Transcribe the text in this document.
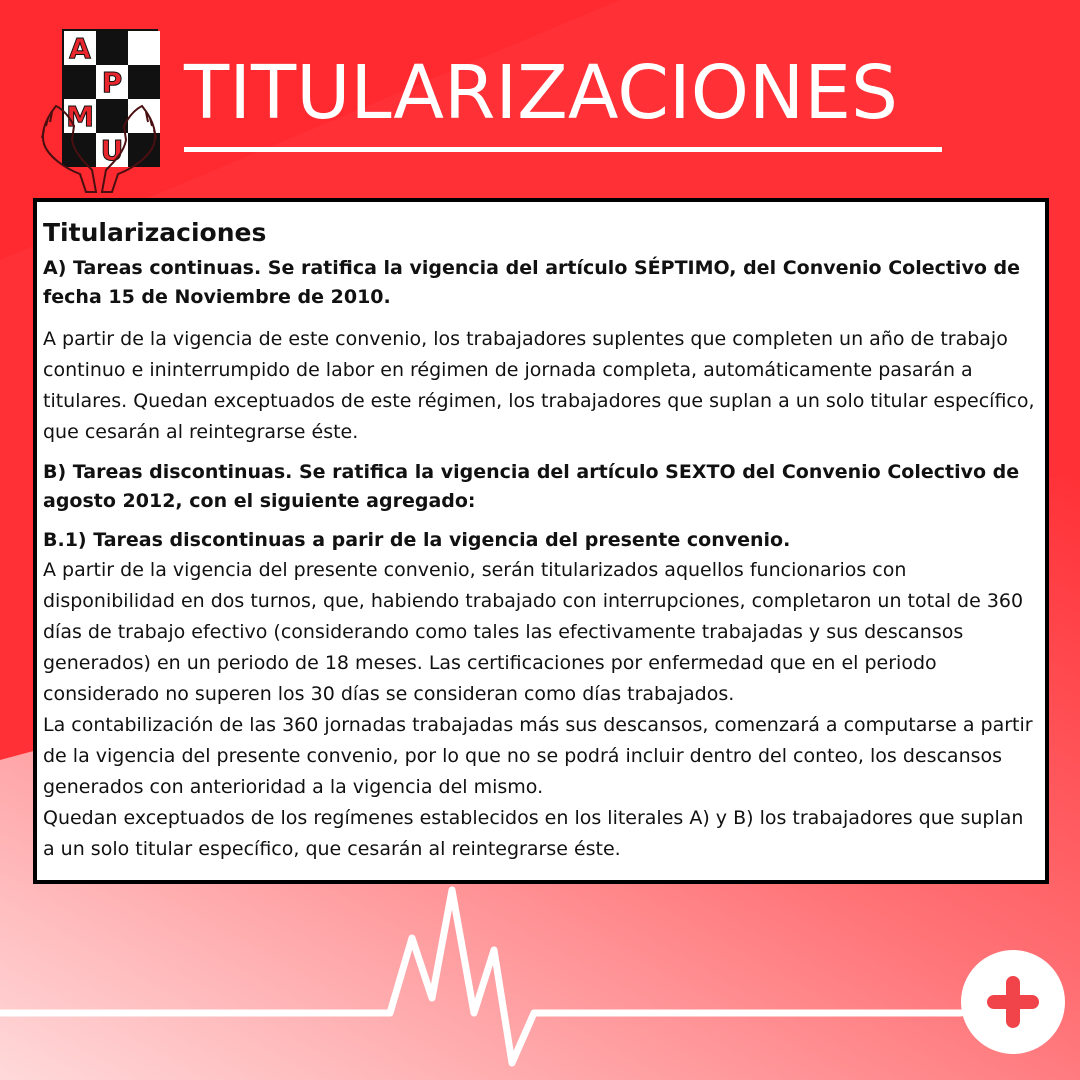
A
P
M
U
TITULARIZACIONES
Titularizaciones
A) Tareas continuas. Se ratifica la vigencia del artículo SÉPTIMO, del Convenio Colectivo de fecha 15 de Noviembre de 2010.

A partir de la vigencia de este convenio, los trabajadores suplentes que completen un año de trabajo continuo e ininterrumpido de labor en régimen de jornada completa, automáticamente pasarán a titulares. Quedan exceptuados de este régimen, los trabajadores que suplan a un solo titular específico, que cesarán al reintegrarse éste.

B) Tareas discontinuas. Se ratifica la vigencia del artículo SEXTO del Convenio Colectivo de agosto 2012, con el siguiente agregado:
B.1) Tareas discontinuas a parir de la vigencia del presente convenio.

A partir de la vigencia del presente convenio, serán titularizados aquellos funcionarios con disponibilidad en dos turnos, que, habiendo trabajado con interrupciones, completaron un total de 360 días de trabajo efectivo (considerando como tales las efectivamente trabajadas y sus descansos generados) en un periodo de 18 meses. Las certificaciones por enfermedad que en el periodo considerado no superen los 30 días se consideran como días trabajados.

La contabilización de las 360 jornadas trabajadas más sus descansos, comenzará a computarse a partir de la vigencia del presente convenio, por lo que no se podrá incluir dentro del conteo, los descansos generados con anterioridad a la vigencia del mismo.

Quedan exceptuados de los regímenes establecidos en los literales A) y B) los trabajadores que suplan a un solo titular específico, que cesarán al reintegrarse éste.
